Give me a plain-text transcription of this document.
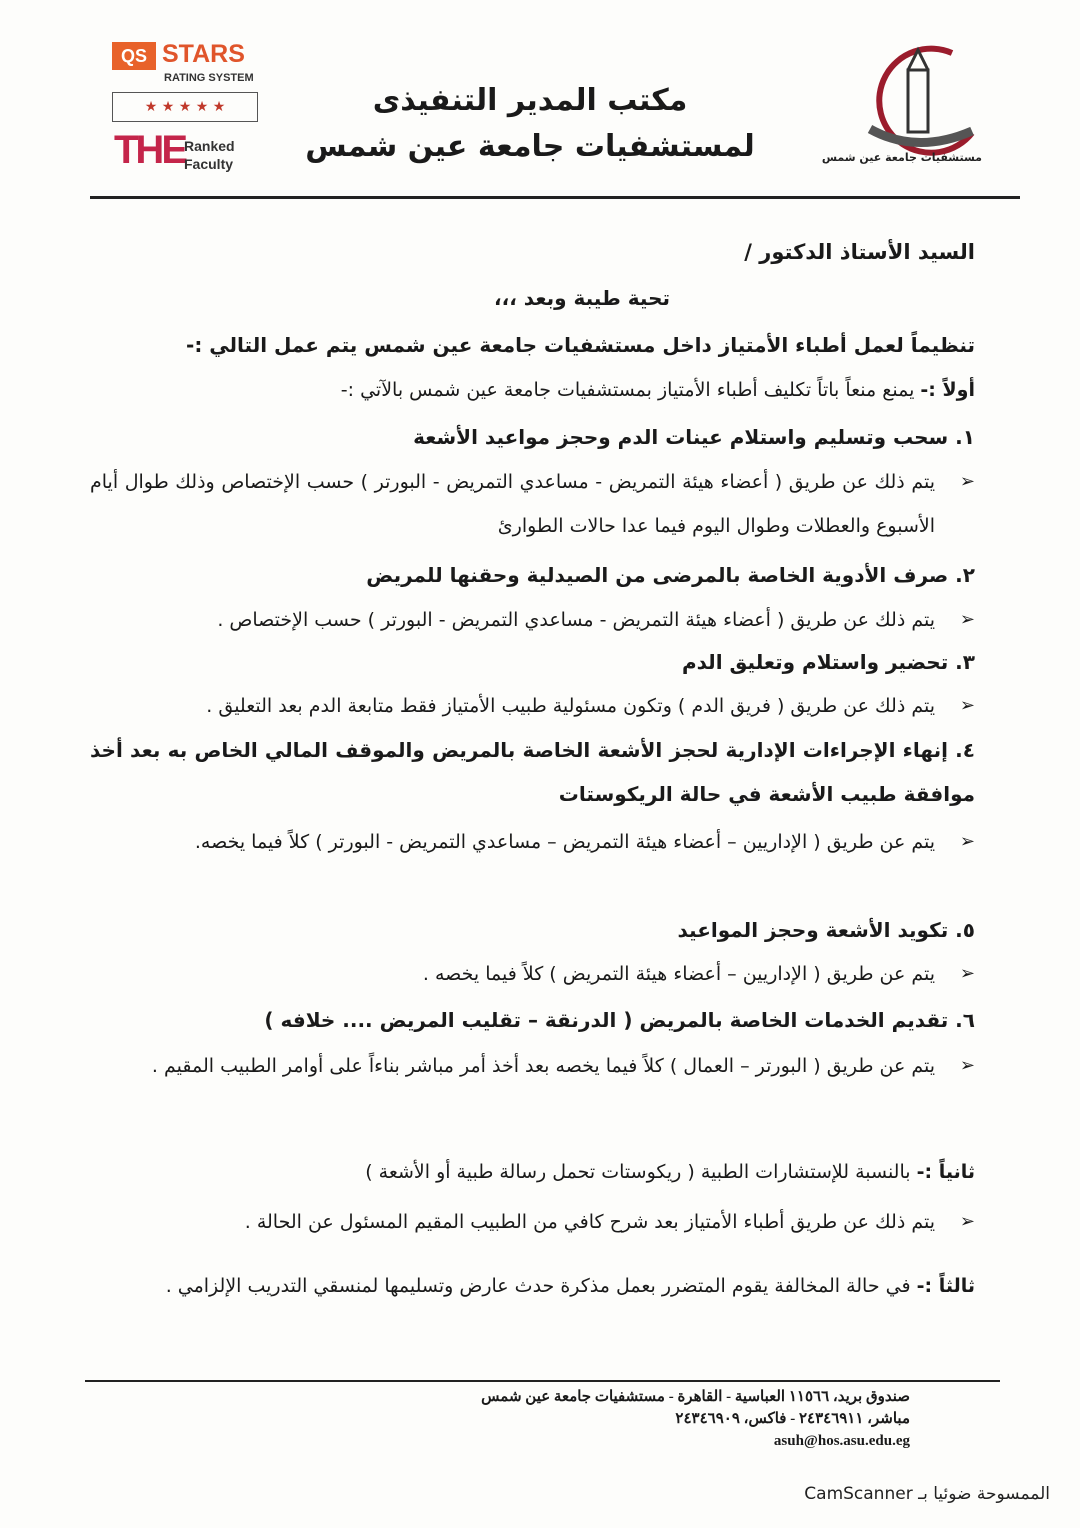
QS STARS
RATING SYSTEM
★ ★ ★ ★ ★
THE Ranked
Faculty
مكتب المدير التنفيذى
لمستشفيات جامعة عين شمس	مستشفيات جامعة عين شمس
السيد الأستاذ الدكتور /
تحية طيبة وبعد ،،،
تنظيماً لعمل أطباء الأمتياز داخل مستشفيات جامعة عين شمس يتم عمل التالي :-
أولاً :- يمنع منعاً باتاً تكليف أطباء الأمتياز بمستشفيات جامعة عين شمس بالآتي :-
١. سحب وتسليم واستلام عينات الدم وحجز مواعيد الأشعة
➢
يتم ذلك عن طريق ( أعضاء هيئة التمريض - مساعدي التمريض - البورتر ) حسب الإختصاص وذلك طوال أيام الأسبوع والعطلات وطوال اليوم فيما عدا حالات الطوارئ
٢. صرف الأدوية الخاصة بالمرضى من الصيدلية وحقنها للمريض
➢
يتم ذلك عن طريق ( أعضاء هيئة التمريض - مساعدي التمريض - البورتر ) حسب الإختصاص .
٣. تحضير واستلام وتعليق الدم
➢
يتم ذلك عن طريق ( فريق الدم ) وتكون مسئولية طبيب الأمتياز فقط متابعة الدم بعد التعليق .
٤. إنهاء الإجراءات الإدارية لحجز الأشعة الخاصة بالمريض والموقف المالي الخاص به بعد أخذ موافقة طبيب الأشعة في حالة الريكوستات
➢
يتم عن طريق ( الإداريين – أعضاء هيئة التمريض – مساعدي التمريض - البورتر ) كلاً فيما يخصه.
٥. تكويد الأشعة وحجز المواعيد
➢
يتم عن طريق ( الإداريين – أعضاء هيئة التمريض ) كلاً فيما يخصه .
٦. تقديم الخدمات الخاصة بالمريض ( الدرنقة – تقليب المريض .... خلافه )
➢
يتم عن طريق ( البورتر – العمال ) كلاً فيما يخصه بعد أخذ أمر مباشر بناءاً على أوامر الطبيب المقيم .
ثانياً :- بالنسبة للإستشارات الطبية ( ريكوستات تحمل رسالة طبية أو الأشعة )
➢
يتم ذلك عن طريق أطباء الأمتياز بعد شرح كافي من الطبيب المقيم المسئول عن الحالة .
ثالثاً :- في حالة المخالفة يقوم المتضرر بعمل مذكرة حدث عارض وتسليمها لمنسقي التدريب الإلزامي .
صندوق بريد، ١١٥٦٦ العباسية - القاهرة - مستشفيات جامعة عين شمس
مباشر، ٢٤٣٤٦٩١١ - فاكس، ٢٤٣٤٦٩٠٩
asuh@hos.asu.edu.eg
الممسوحة ضوئيا بـ CamScanner
